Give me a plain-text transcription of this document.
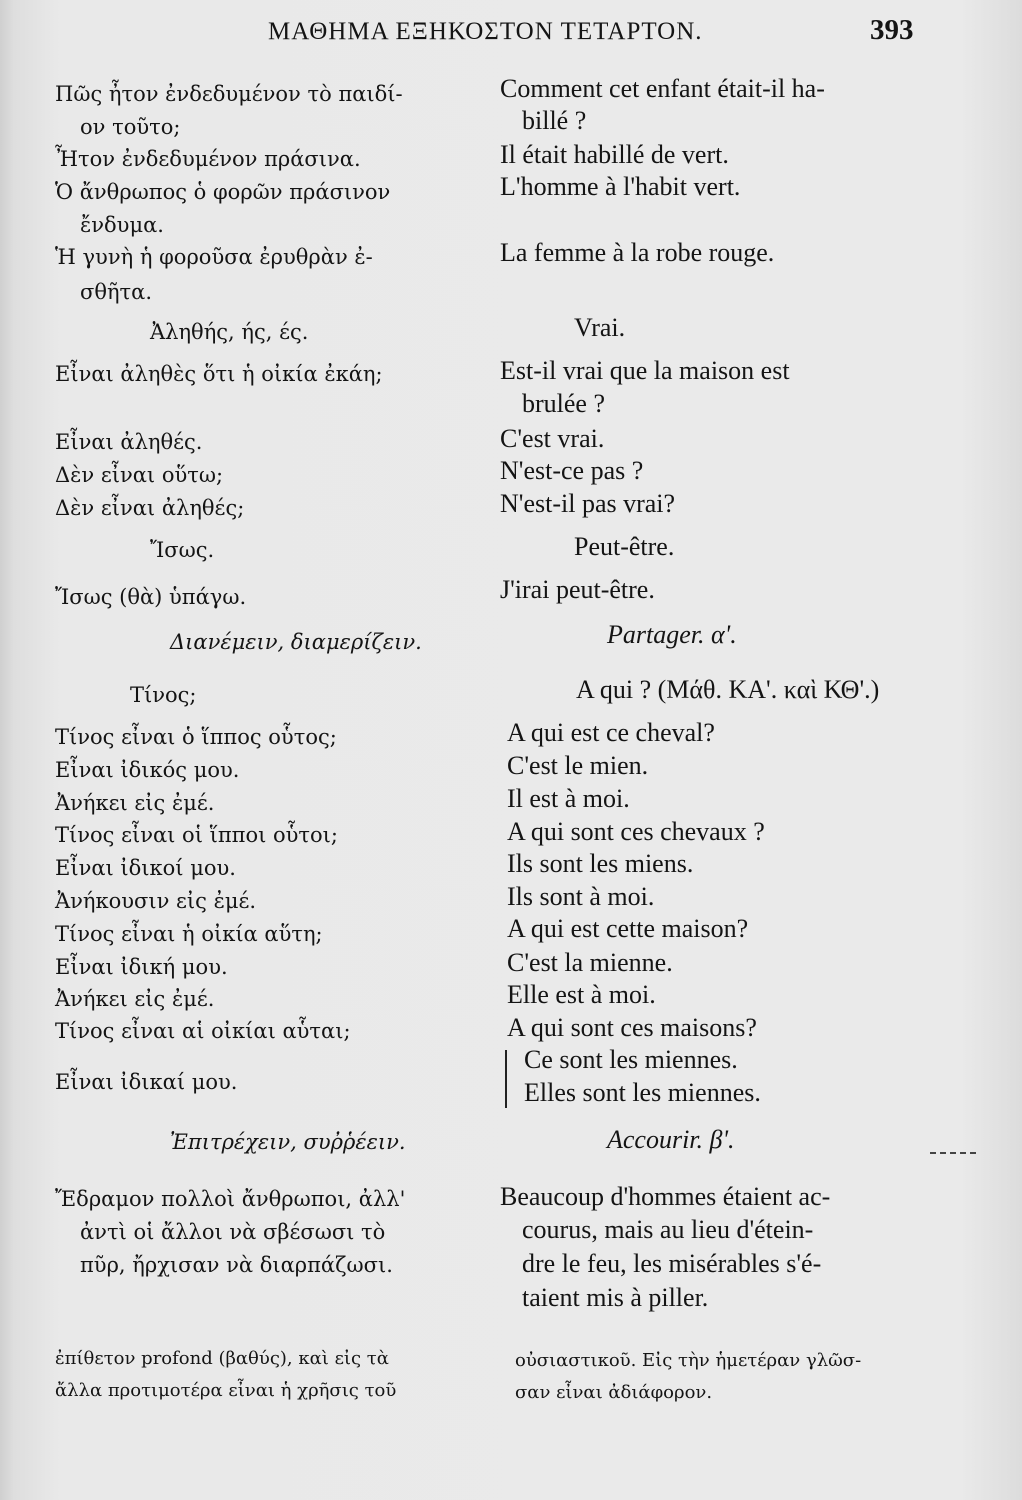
ΜΑΘΗΜΑ ΕΞΗΚΟΣΤΟΝ ΤΕΤΑΡΤΟΝ.	393
Πῶς ἦτον ἐνδεδυμένον τὸ παιδί-
ον τοῦτο;
Ἦτον ἐνδεδυμένον πράσινα.
Ὁ ἄνθρωπος ὁ φορῶν πράσινον
ἔνδυμα.
Ἡ γυνὴ ἡ φοροῦσα ἐρυθρὰν ἐ-
σθῆτα.
Ἀληθής, ής, ές.
Εἶναι ἀληθὲς ὅτι ἡ οἰκία ἐκάη;
Εἶναι ἀληθές.
Δὲν εἶναι οὕτω;
Δὲν εἶναι ἀληθές;
Ἴσως.
Ἴσως (θὰ) ὑπάγω.
Διανέμειν, διαμερίζειν.
Τίνος;
Τίνος εἶναι ὁ ἵππος οὗτος;
Εἶναι ἰδικός μου.
Ἀνήκει εἰς ἐμέ.
Τίνος εἶναι οἱ ἵπποι οὗτοι;
Εἶναι ἰδικοί μου.
Ἀνήκουσιν εἰς ἐμέ.
Τίνος εἶναι ἡ οἰκία αὕτη;
Εἶναι ἰδική μου.
Ἀνήκει εἰς ἐμέ.
Τίνος εἶναι αἱ οἰκίαι αὗται;
Εἶναι ἰδικαί μου.
Ἐπιτρέχειν, συῤῥέειν.
Ἔδραμον πολλοὶ ἄνθρωποι, ἀλλ'
ἀντὶ οἱ ἄλλοι νὰ σβέσωσι τὸ
πῦρ, ἤρχισαν νὰ διαρπάζωσι.
Comment cet enfant était-il ha-
billé ?
Il était habillé de vert.
L'homme à l'habit vert.
La femme à la robe rouge.
Vrai.
Est-il vrai que la maison est
brulée ?
C'est vrai.
N'est-ce pas ?
N'est-il pas vrai?
Peut-être.
J'irai peut-être.
Partager. α'.
A qui ? (Μάθ. ΚΑ'. καὶ ΚΘ'.)
A qui est ce cheval?
C'est le mien.
Il est à moi.
A qui sont ces chevaux ?
Ils sont les miens.
Ils sont à moi.
A qui est cette maison?
C'est la mienne.
Elle est à moi.
A qui sont ces maisons?
Ce sont les miennes.
Elles sont les miennes.
Accourir. β'.
Beaucoup d'hommes étaient ac-
courus, mais au lieu d'étein-
dre le feu, les misérables s'é-
taient mis à piller.
ἐπίθετον profond (βαθύς), καὶ εἰς τὰ
ἄλλα προτιμοτέρα εἶναι ἡ χρῆσις τοῦ
οὐσιαστικοῦ. Εἰς τὴν ἡμετέραν γλῶσ-
σαν εἶναι ἀδιάφορον.
